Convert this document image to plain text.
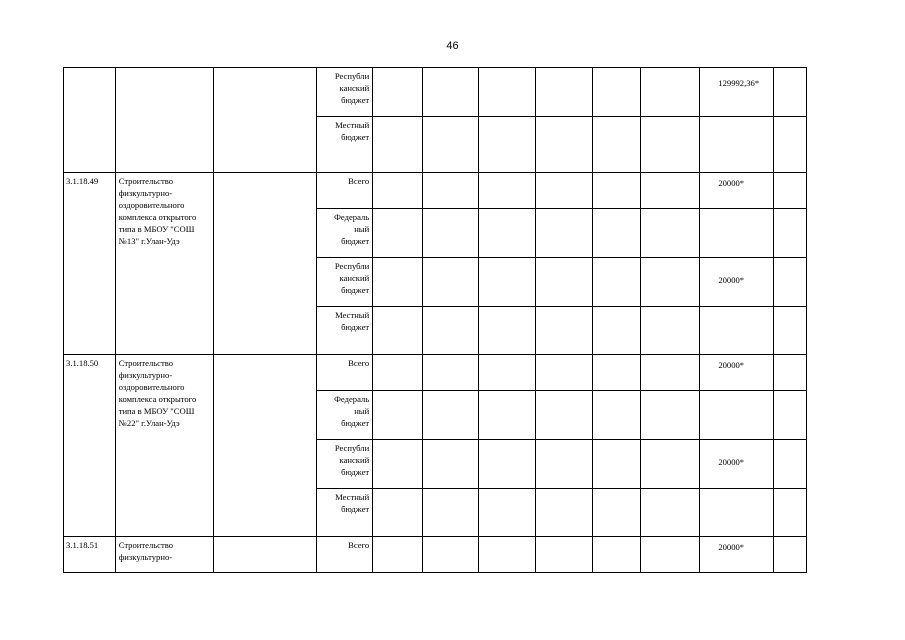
46
			Республи
канский
бюджет							129992,36*	
			Местный
бюджет								
3.1.18.49	Строительство физкультурно-оздоровительного комплекса открытого типа в МБОУ "СОШ №13" г.Улан-Удэ		Всего							20000*	
			Федераль
ный
бюджет								
			Республи
канский
бюджет							20000*	
			Местный
бюджет								
3.1.18.50	Строительство физкультурно-оздоровительного комплекса открытого типа в МБОУ "СОШ №22" г.Улан-Удэ		Всего							20000*	
			Федераль
ный
бюджет								
			Республи
канский
бюджет							20000*	
			Местный
бюджет								
3.1.18.51	Строительство физкультурно-		Всего							20000*	
